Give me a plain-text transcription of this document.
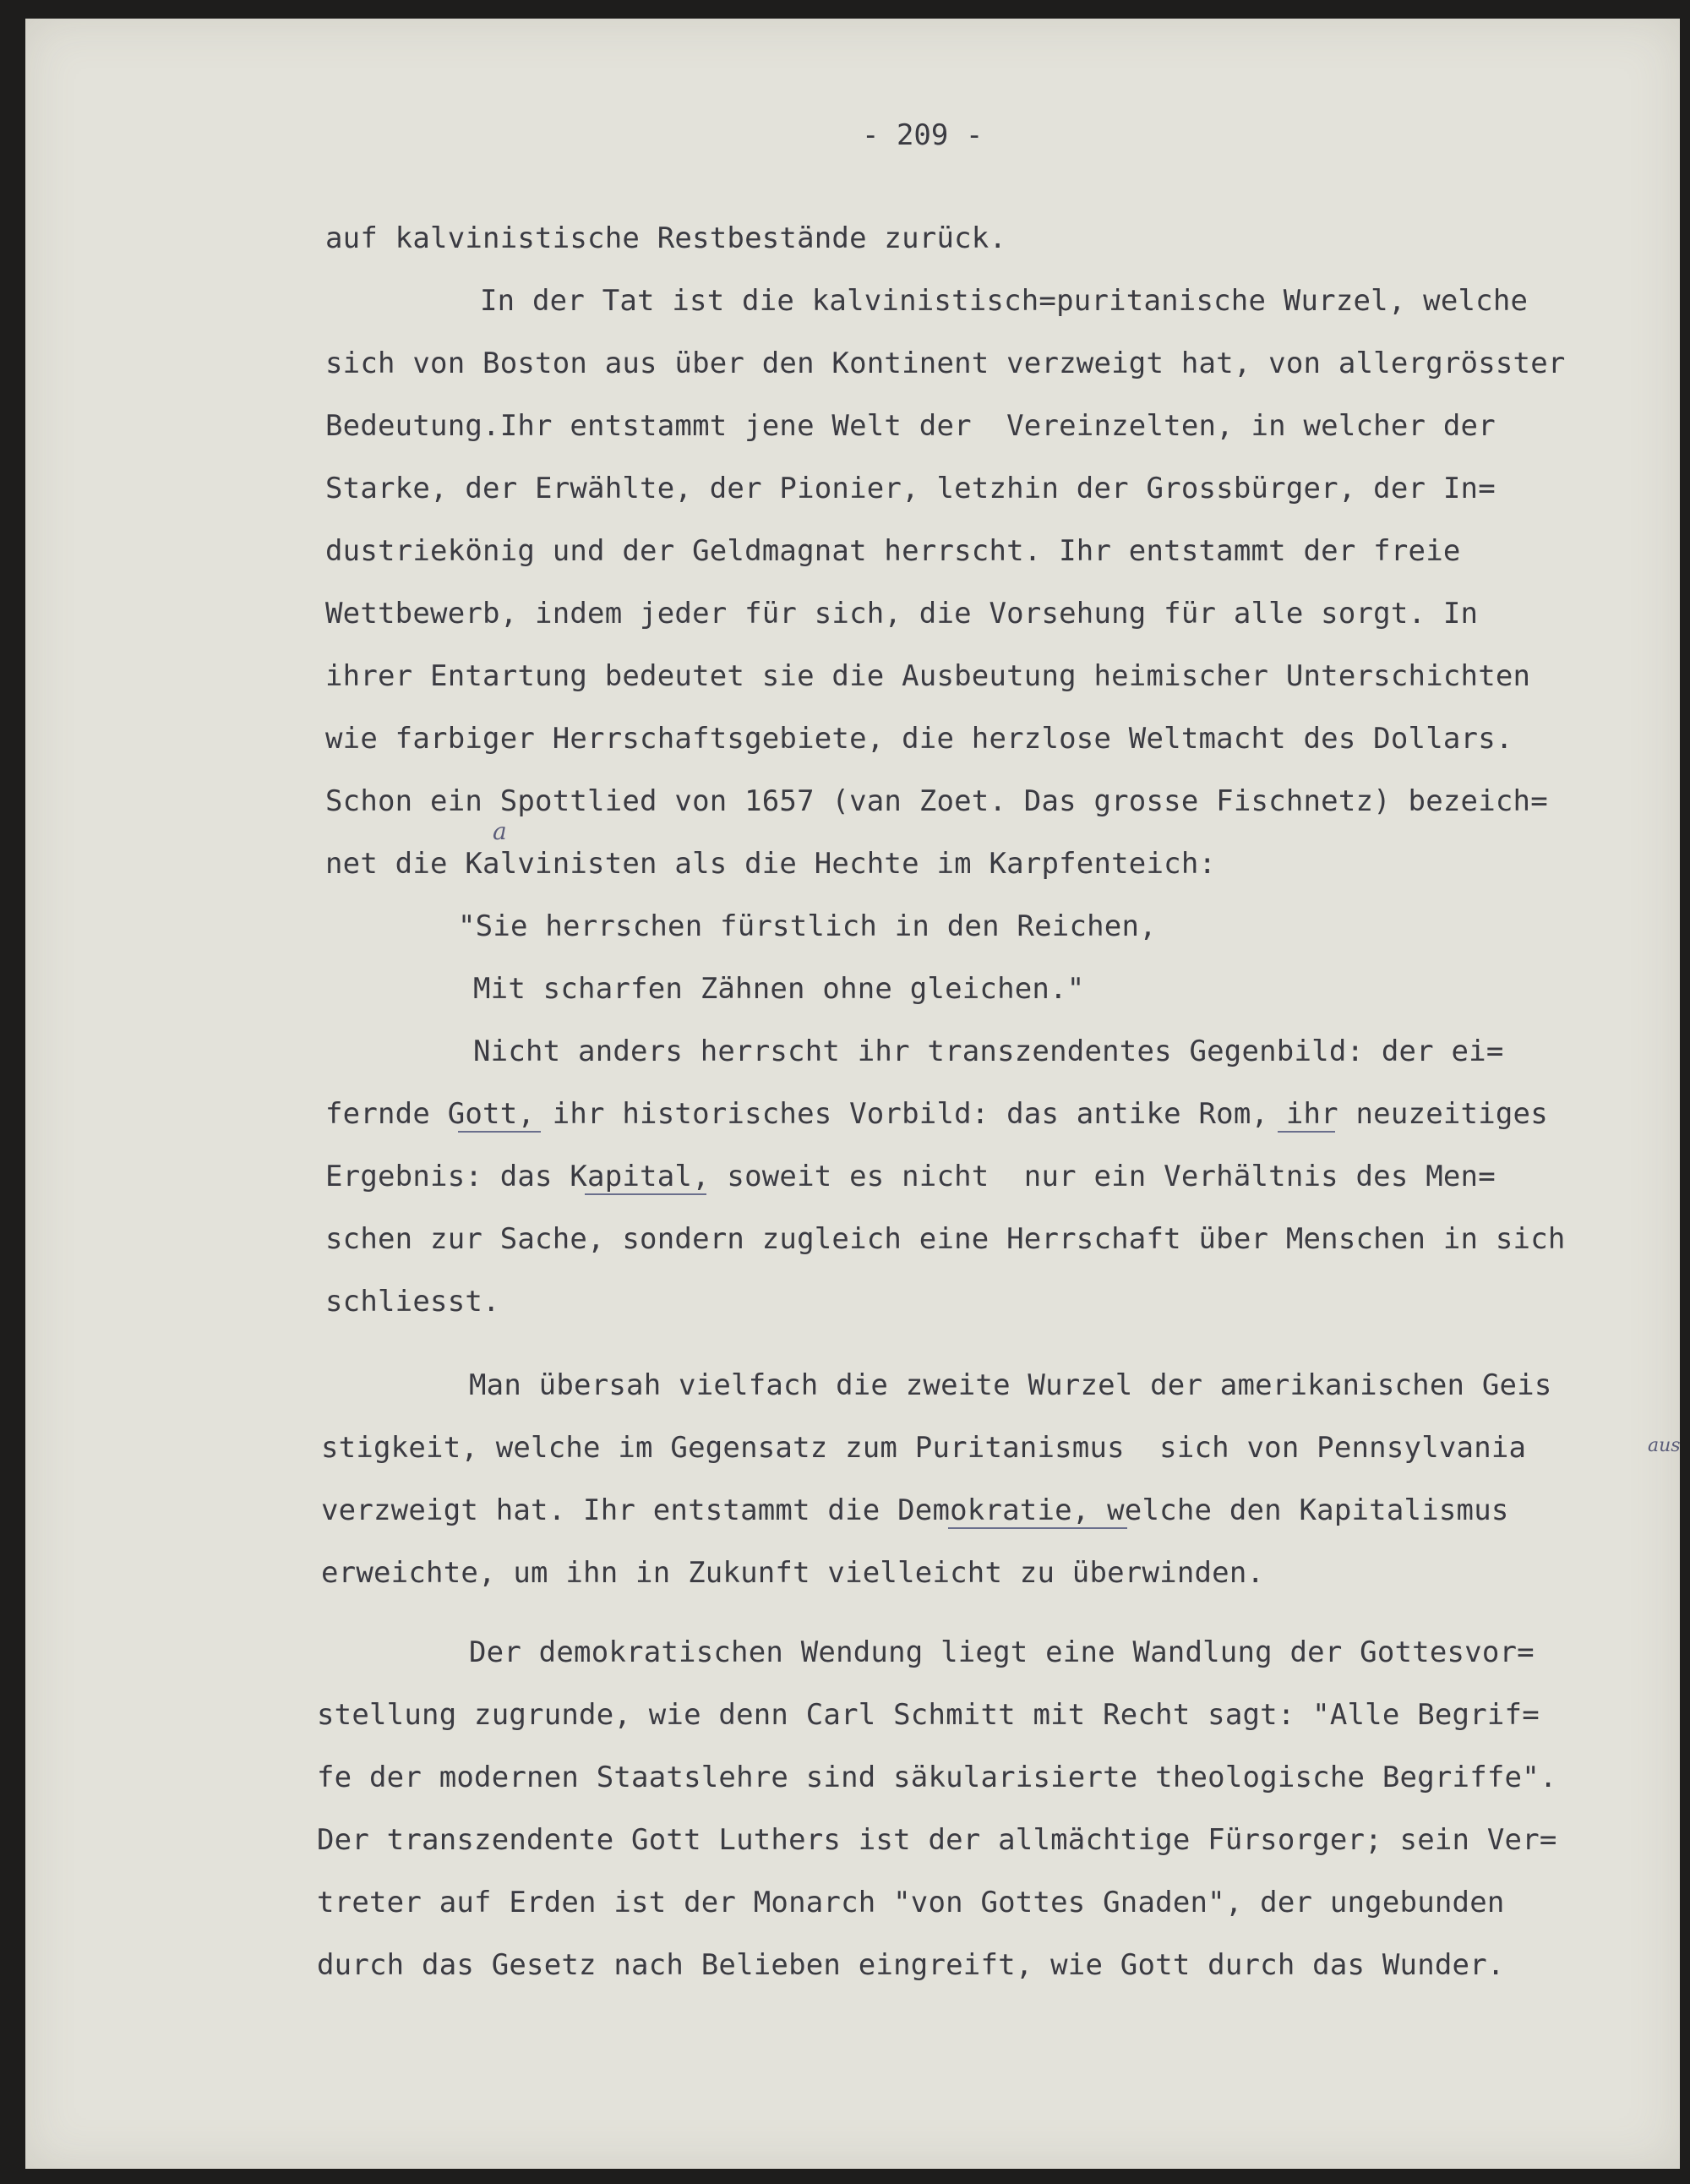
- 209 -
auf kalvinistische Restbestände zurück.
In der Tat ist die kalvinistisch=puritanische Wurzel, welche
sich von Boston aus über den Kontinent verzweigt hat, von allergrösster
Bedeutung.Ihr entstammt jene Welt der  Vereinzelten, in welcher der
Starke, der Erwählte, der Pionier, letzhin der Grossbürger, der In=
dustriekönig und der Geldmagnat herrscht. Ihr entstammt der freie
Wettbewerb, indem jeder für sich, die Vorsehung für alle sorgt. In
ihrer Entartung bedeutet sie die Ausbeutung heimischer Unterschichten
wie farbiger Herrschaftsgebiete, die herzlose Weltmacht des Dollars.
Schon ein Spottlied von 1657 (van Zoet. Das grosse Fischnetz) bezeich=
net die Kalvinisten als die Hechte im Karpfenteich:
"Sie herrschen fürstlich in den Reichen,
Mit scharfen Zähnen ohne gleichen."
Nicht anders herrscht ihr transzendentes Gegenbild: der ei=
fernde Gott, ihr historisches Vorbild: das antike Rom, ihr neuzeitiges
Ergebnis: das Kapital, soweit es nicht  nur ein Verhältnis des Men=
schen zur Sache, sondern zugleich eine Herrschaft über Menschen in sich
schliesst.
Man übersah vielfach die zweite Wurzel der amerikanischen Geis
stigkeit, welche im Gegensatz zum Puritanismus  sich von Pennsylvania
verzweigt hat. Ihr entstammt die Demokratie, welche den Kapitalismus
erweichte, um ihn in Zukunft vielleicht zu überwinden.
Der demokratischen Wendung liegt eine Wandlung der Gottesvor=
stellung zugrunde, wie denn Carl Schmitt mit Recht sagt: "Alle Begrif=
fe der modernen Staatslehre sind säkularisierte theologische Begriffe".
Der transzendente Gott Luthers ist der allmächtige Fürsorger; sein Ver=
treter auf Erden ist der Monarch "von Gottes Gnaden", der ungebunden
durch das Gesetz nach Belieben eingreift, wie Gott durch das Wunder.
a
aus
